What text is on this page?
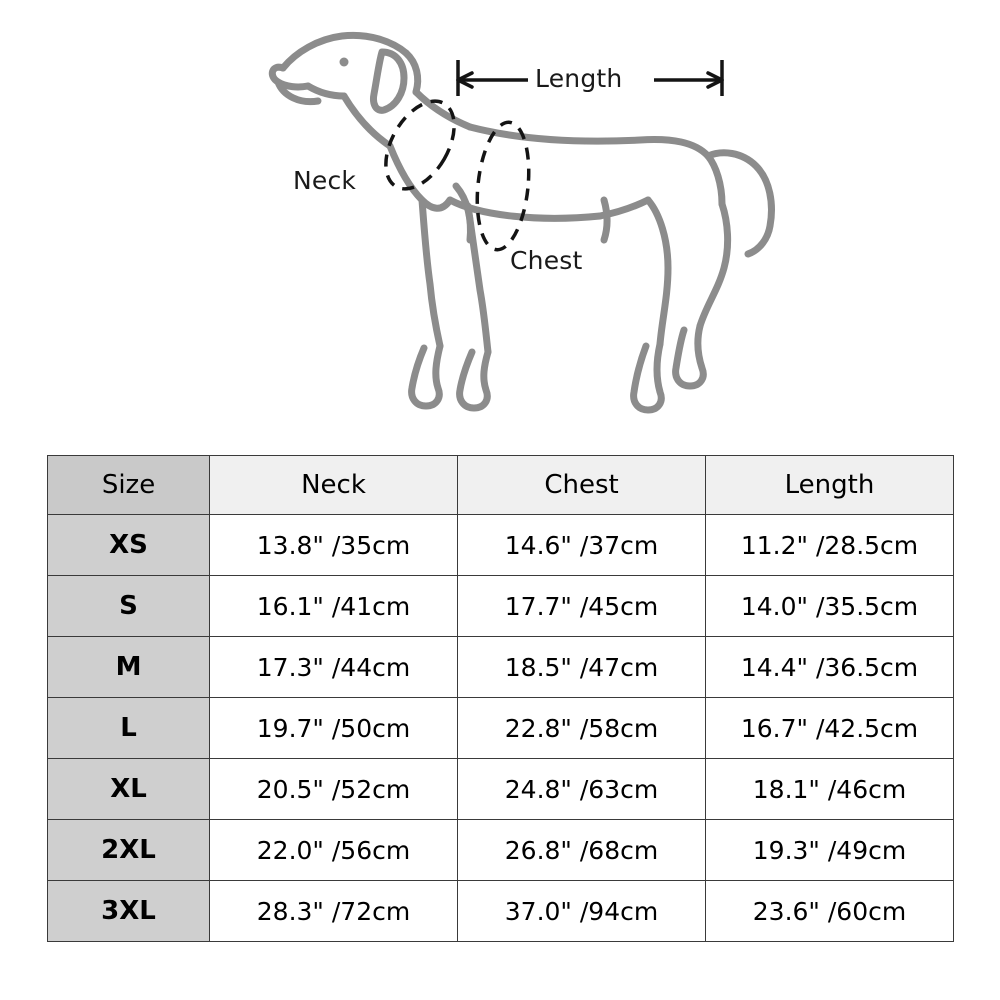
Length
Neck
Chest
Size	Neck	Chest	Length
XS	13.8" /35cm	14.6" /37cm	11.2" /28.5cm
S	16.1" /41cm	17.7" /45cm	14.0" /35.5cm
M	17.3" /44cm	18.5" /47cm	14.4" /36.5cm
L	19.7" /50cm	22.8" /58cm	16.7" /42.5cm
XL	20.5" /52cm	24.8" /63cm	18.1" /46cm
2XL	22.0" /56cm	26.8" /68cm	19.3" /49cm
3XL	28.3" /72cm	37.0" /94cm	23.6" /60cm
